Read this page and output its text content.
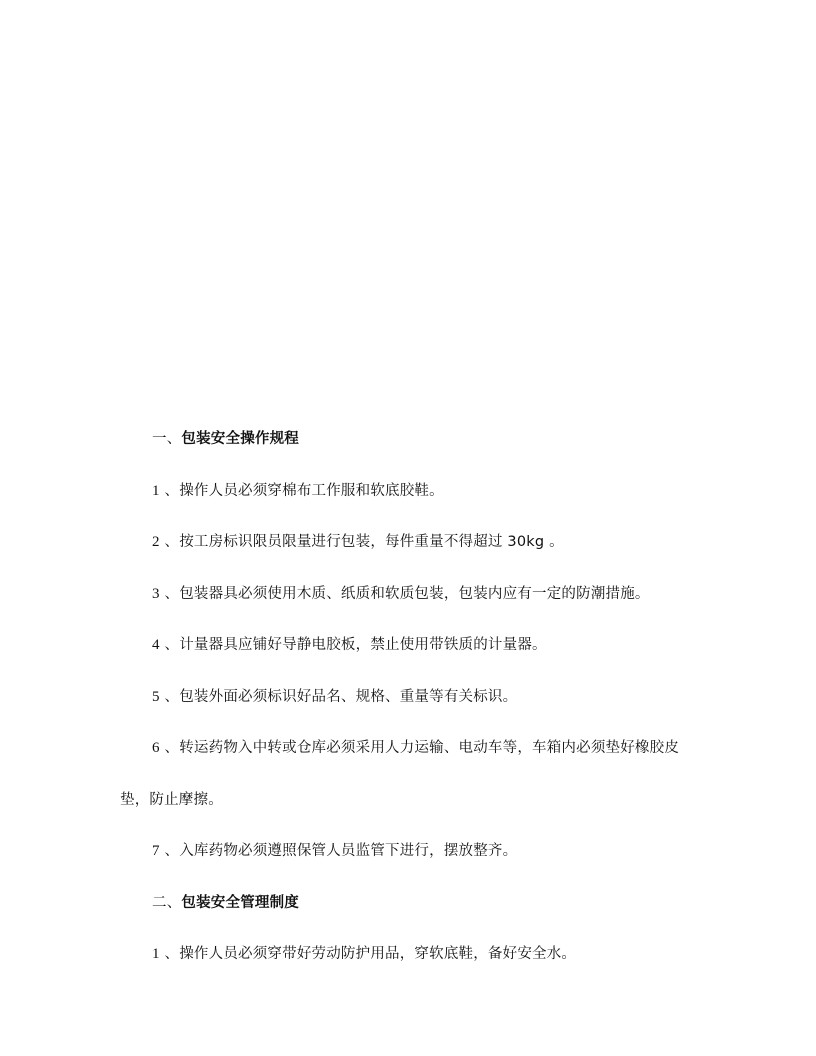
一、包装安全操作规程

1 、操作人员必须穿棉布工作服和软底胶鞋。

2 、按工房标识限员限量进行包装，每件重量不得超过 30kg 。

3 、包装器具必须使用木质、纸质和软质包装，包装内应有一定的防潮措施。

4 、计量器具应铺好导静电胶板，禁止使用带铁质的计量器。

5 、包装外面必须标识好品名、规格、重量等有关标识。

6 、转运药物入中转或仓库必须采用人力运输、电动车等，车箱内必须垫好橡胶皮垫，防止摩擦。

7 、入库药物必须遵照保管人员监管下进行，摆放整齐。

二、包装安全管理制度

1 、操作人员必须穿带好劳动防护用品，穿软底鞋，备好安全水。
